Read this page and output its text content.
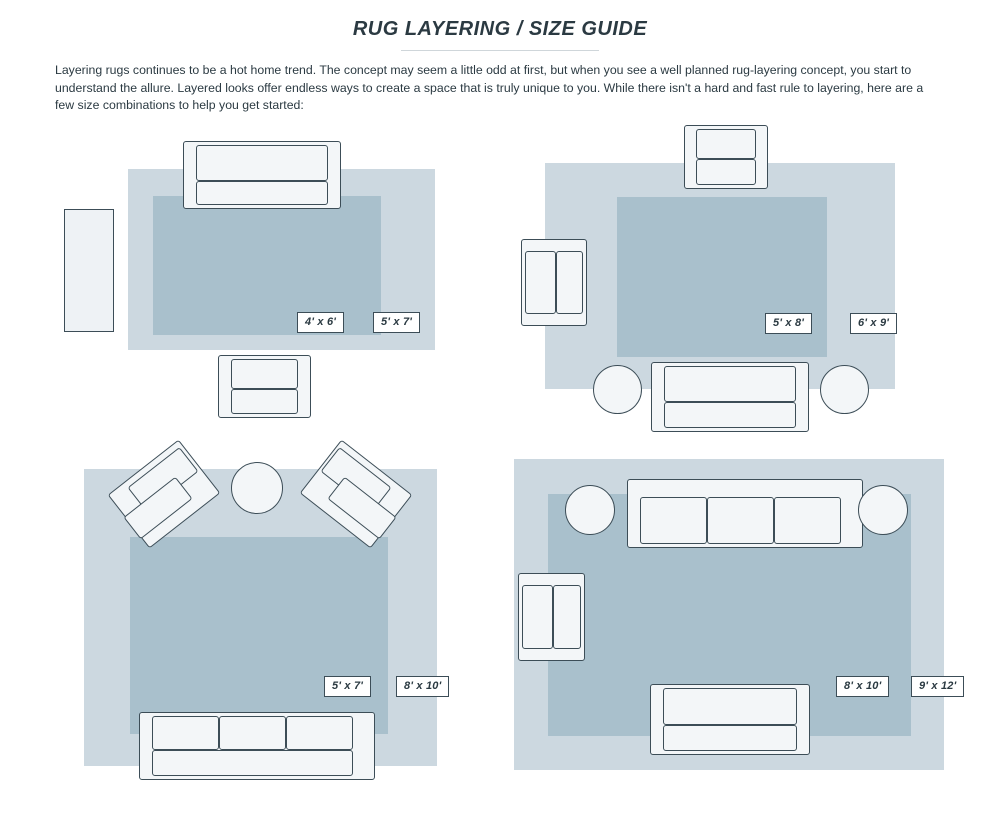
RUG LAYERING / SIZE GUIDE
Layering rugs continues to be a hot home trend. The concept may seem a little odd at first, but when you see a well planned rug-layering concept, you start to understand the allure. Layered looks offer endless ways to create a space that is truly unique to you. While there isn't a hard and fast rule to layering, here are a few size combinations to help you get started:
4' x 6'	5' x 7'	5' x 8'	6' x 9'
5' x 7'	8' x 10'	8' x 10'	9' x 12'
